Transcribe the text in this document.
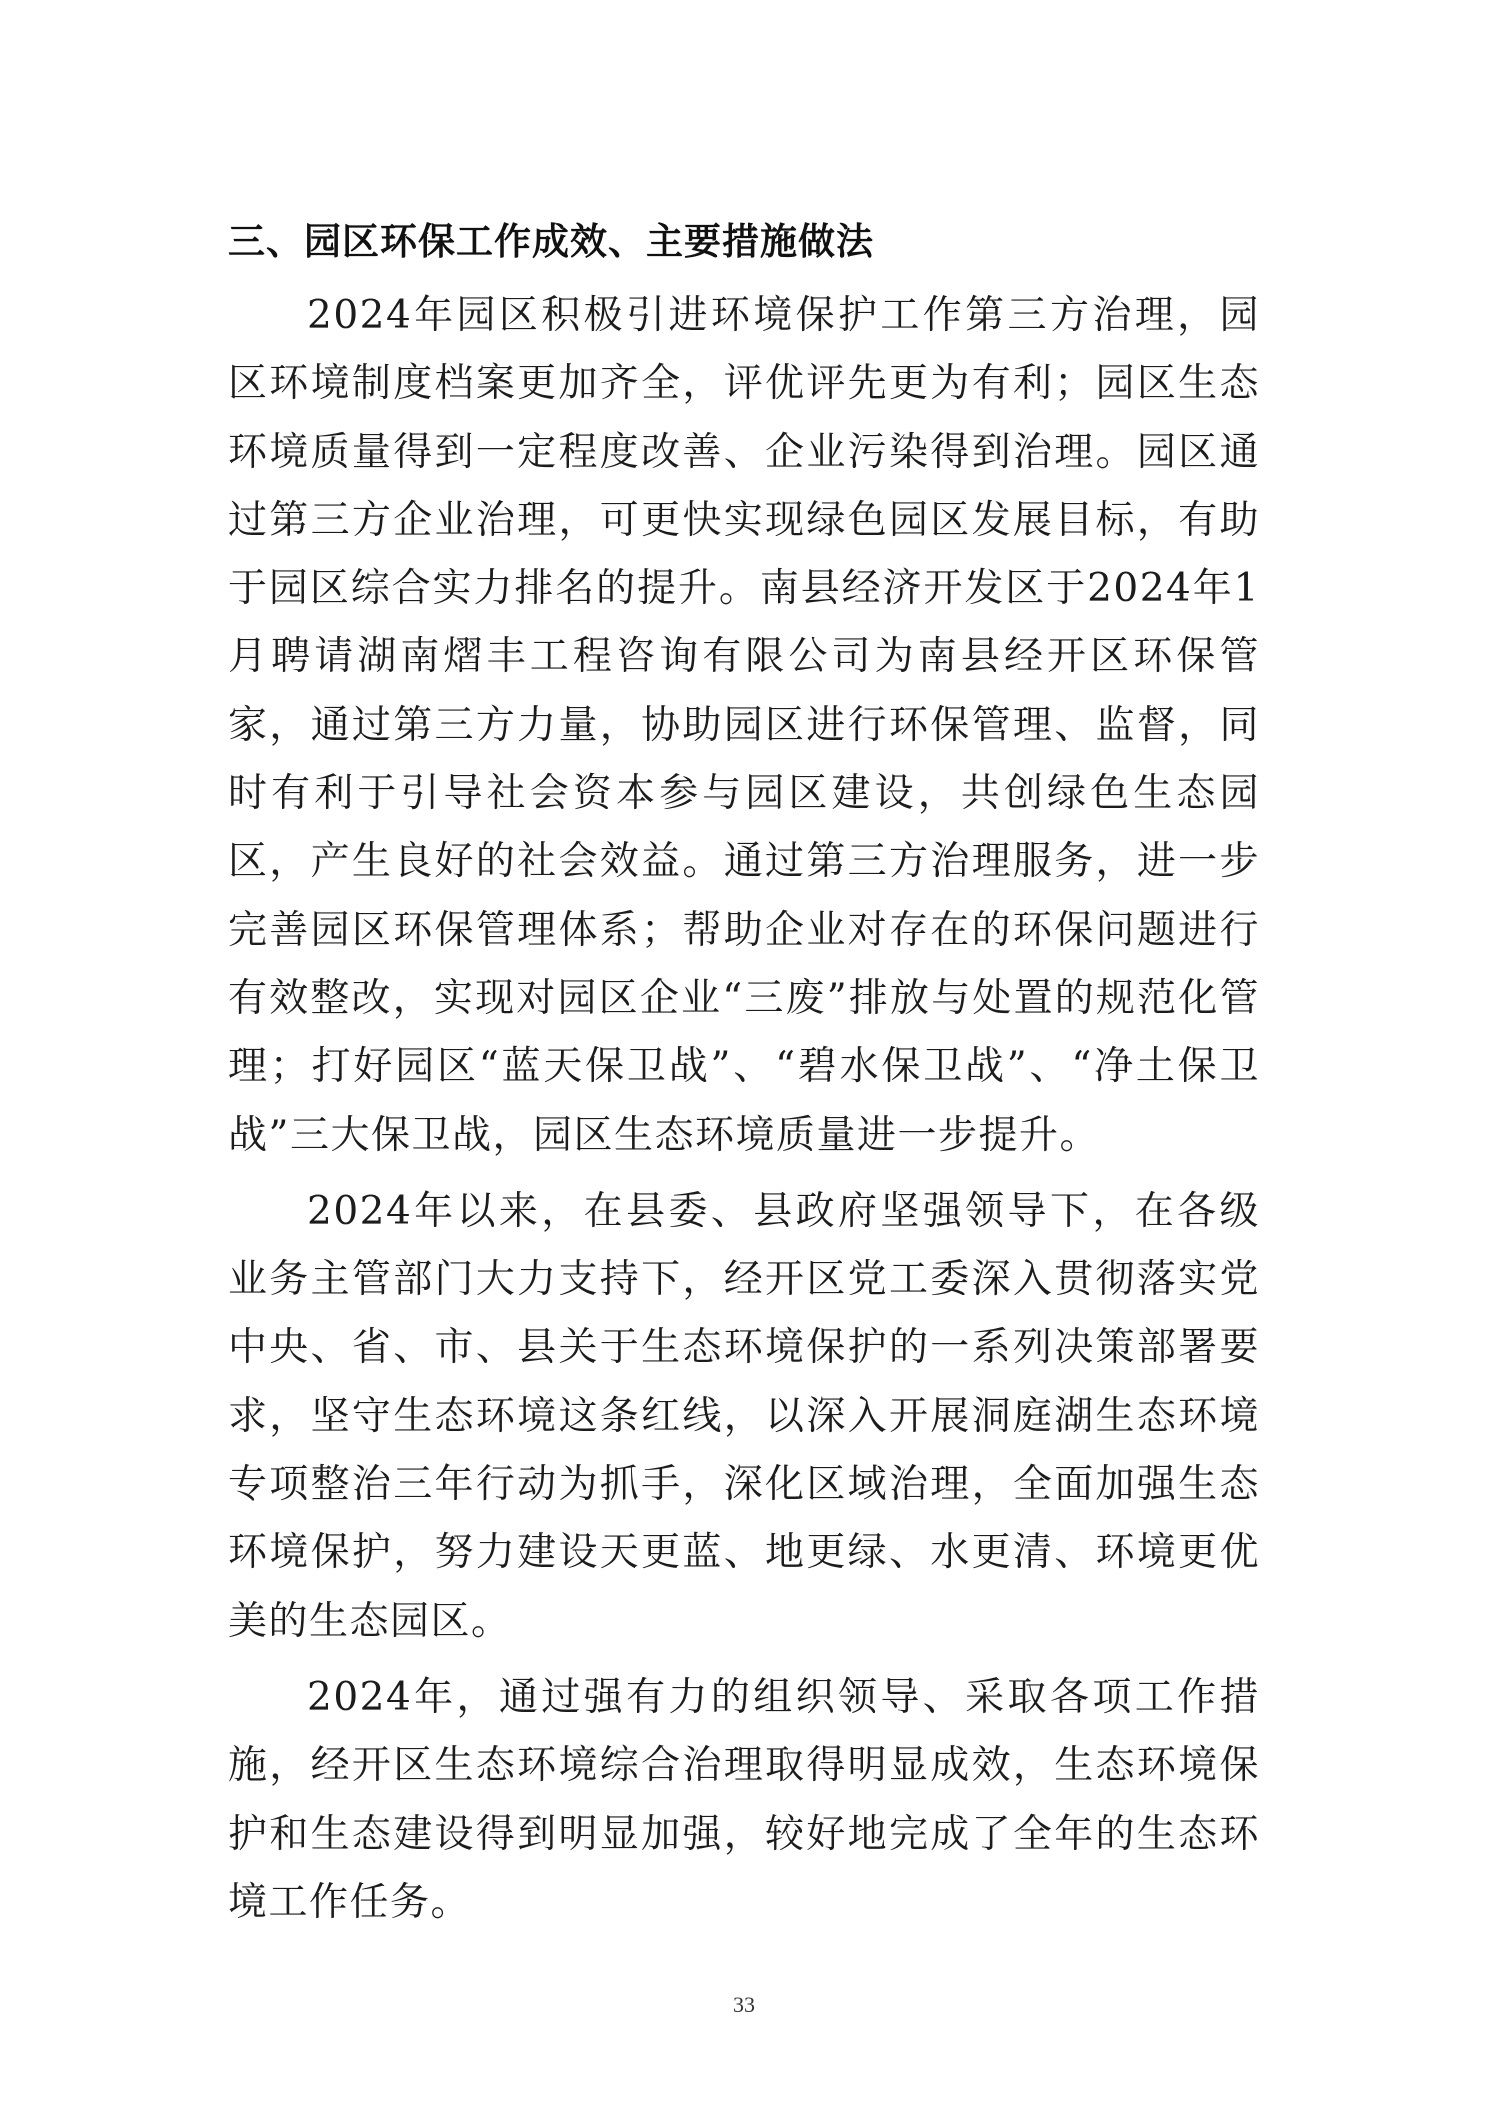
三、园区环保工作成效、主要措施做法

2024年园区积极引进环境保护工作第三方治理，园区环境制度档案更加齐全，评优评先更为有利；园区生态环境质量得到一定程度改善、企业污染得到治理。园区通过第三方企业治理，可更快实现绿色园区发展目标，有助于园区综合实力排名的提升。南县经济开发区于2024年1月聘请湖南熠丰工程咨询有限公司为南县经开区环保管家，通过第三方力量，协助园区进行环保管理、监督，同时有利于引导社会资本参与园区建设，共创绿色生态园区，产生良好的社会效益。通过第三方治理服务，进一步完善园区环保管理体系；帮助企业对存在的环保问题进行有效整改，实现对园区企业“三废”排放与处置的规范化管理；打好园区“蓝天保卫战”、“碧水保卫战”、“净土保卫战”三大保卫战，园区生态环境质量进一步提升。

2024年以来，在县委、县政府坚强领导下，在各级业务主管部门大力支持下，经开区党工委深入贯彻落实党中央、省、市、县关于生态环境保护的一系列决策部署要求，坚守生态环境这条红线，以深入开展洞庭湖生态环境专项整治三年行动为抓手，深化区域治理，全面加强生态环境保护，努力建设天更蓝、地更绿、水更清、环境更优美的生态园区。

2024年，通过强有力的组织领导、采取各项工作措施，经开区生态环境综合治理取得明显成效，生态环境保护和生态建设得到明显加强，较好地完成了全年的生态环境工作任务。

33
